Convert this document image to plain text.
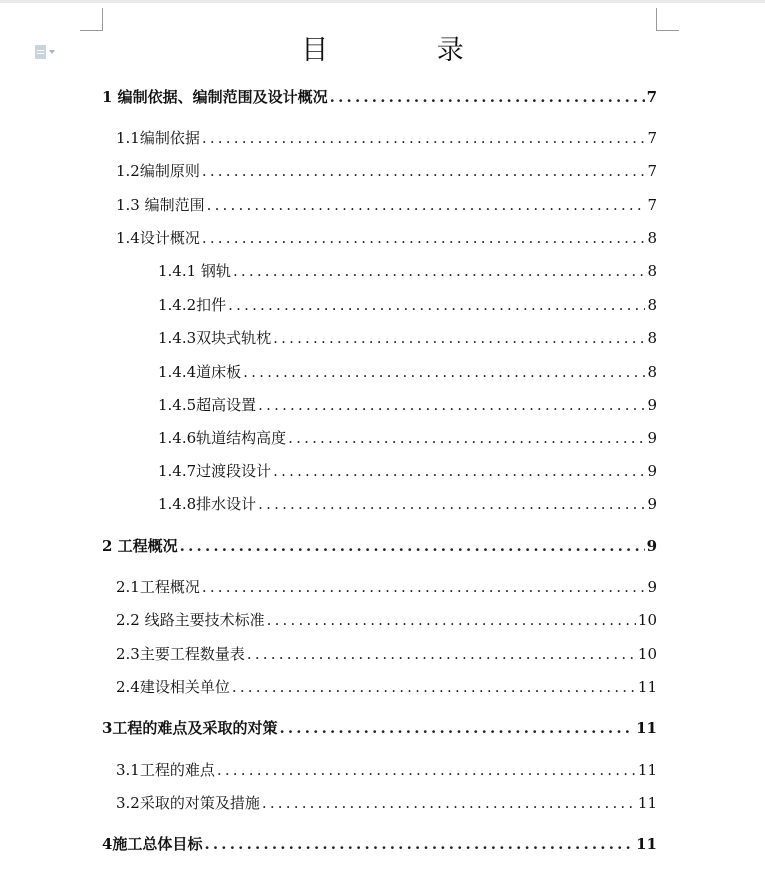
目 录
1 编制依据、编制范围及设计概况 .....	7
1.1编制依据 .....	7
1.2编制原则 .....	7
1.3 编制范围 .....	7
1.4设计概况 .....	8
1.4.1 钢轨 .....	8
1.4.2扣件 .....	8
1.4.3双块式轨枕 .....	8
1.4.4道床板 .....	8
1.4.5超高设置 .....	9
1.4.6轨道结构高度 .....	9
1.4.7过渡段设计 .....	9
1.4.8排水设计 .....	9
2 工程概况 .....	9
2.1工程概况 .....	9
2.2 线路主要技术标准 .....	10
2.3主要工程数量表 .....	10
2.4建设相关单位 .....	11
3工程的难点及采取的对策 .....	11
3.1工程的难点 .....	11
3.2采取的对策及措施 .....	11
4施工总体目标 .....	11
